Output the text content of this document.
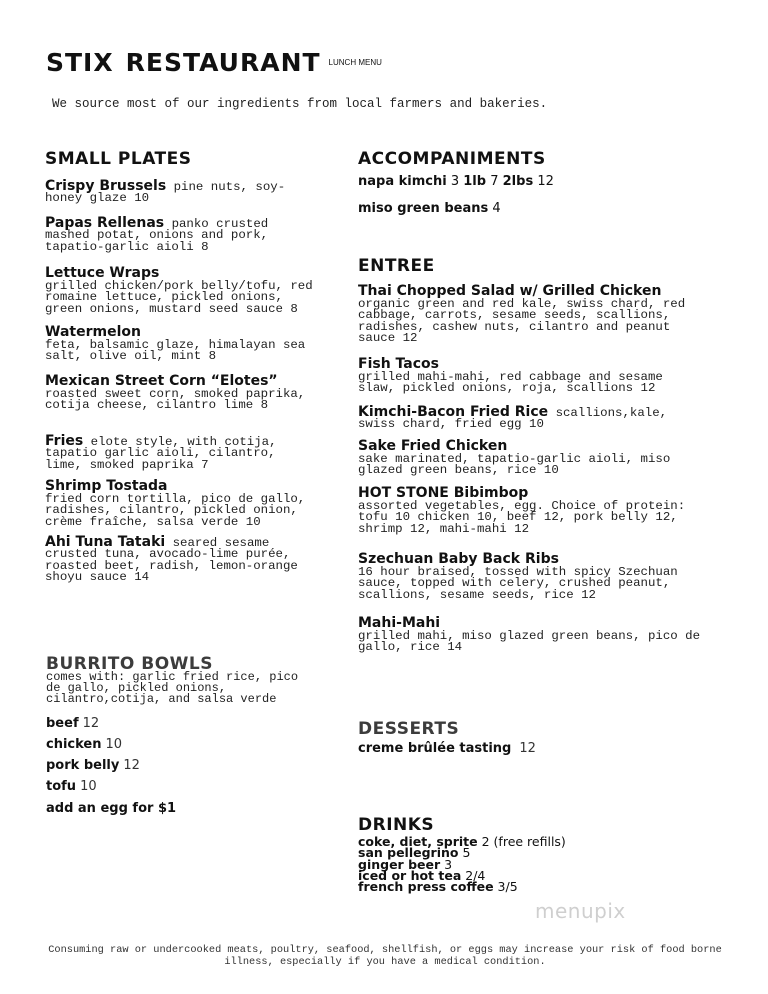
STIX RESTAURANT $^{LUNCH MENU}$
We source most of our ingredients from local farmers and bakeries.
SMALL PLATES
Crispy Brussels pine nuts, soy-honey glaze 10
Papas Rellenas panko crusted mashed potat, onions and pork, tapatio-garlic aioli 8
Lettuce Wraps
grilled chicken/pork belly/tofu, red romaine lettuce, pickled onions, green onions, mustard seed sauce 8
Watermelon
feta, balsamic glaze, himalayan sea salt, olive oil, mint 8
Mexican Street Corn “Elotes”
roasted sweet corn, smoked paprika, cotija cheese, cilantro lime 8
Fries elote style, with cotija, tapatio garlic aioli, cilantro, lime, smoked paprika 7
Shrimp Tostada
fried corn tortilla, pico de gallo, radishes, cilantro, pickled onion, crème fraîche, salsa verde 10
Ahi Tuna Tataki seared sesame crusted tuna, avocado-lime purée, roasted beet, radish, lemon-orange shoyu sauce 14
BURRITO BOWLS
comes with: garlic fried rice, pico de gallo, pickled onions, cilantro,cotija, and salsa verde
beef 12
chicken 10
pork belly 12
tofu 10
add an egg for $1
ACCOMPANIMENTS
napa kimchi 3 1lb 7 2lbs 12
miso green beans 4
ENTREE
Thai Chopped Salad w/ Grilled Chicken
organic green and red kale, swiss chard, red cabbage, carrots, sesame seeds, scallions, radishes, cashew nuts, cilantro and peanut sauce 12
Fish Tacos
grilled mahi-mahi, red cabbage and sesame slaw, pickled onions, roja, scallions 12
Kimchi-Bacon Fried Rice scallions,kale, swiss chard, fried egg 10
Sake Fried Chicken
sake marinated, tapatio-garlic aioli, miso glazed green beans, rice 10
HOT STONE Bibimbop
assorted vegetables, egg. Choice of protein: tofu 10 chicken 10, beef 12, pork belly 12, shrimp 12, mahi-mahi 12
Szechuan Baby Back Ribs
16 hour braised, tossed with spicy Szechuan sauce, topped with celery, crushed peanut, scallions, sesame seeds, rice 12
Mahi-Mahi
grilled mahi, miso glazed green beans, pico de gallo, rice 14
DESSERTS
creme brûlée tasting 12
DRINKS
coke, diet, sprite 2 (free refills)
san pellegrino 5
ginger beer 3
iced or hot tea 2/4
french press coffee 3/5
menupix
Consuming raw or undercooked meats, poultry, seafood, shellfish, or eggs may increase your risk of food borne illness, especially if you have a medical condition.
